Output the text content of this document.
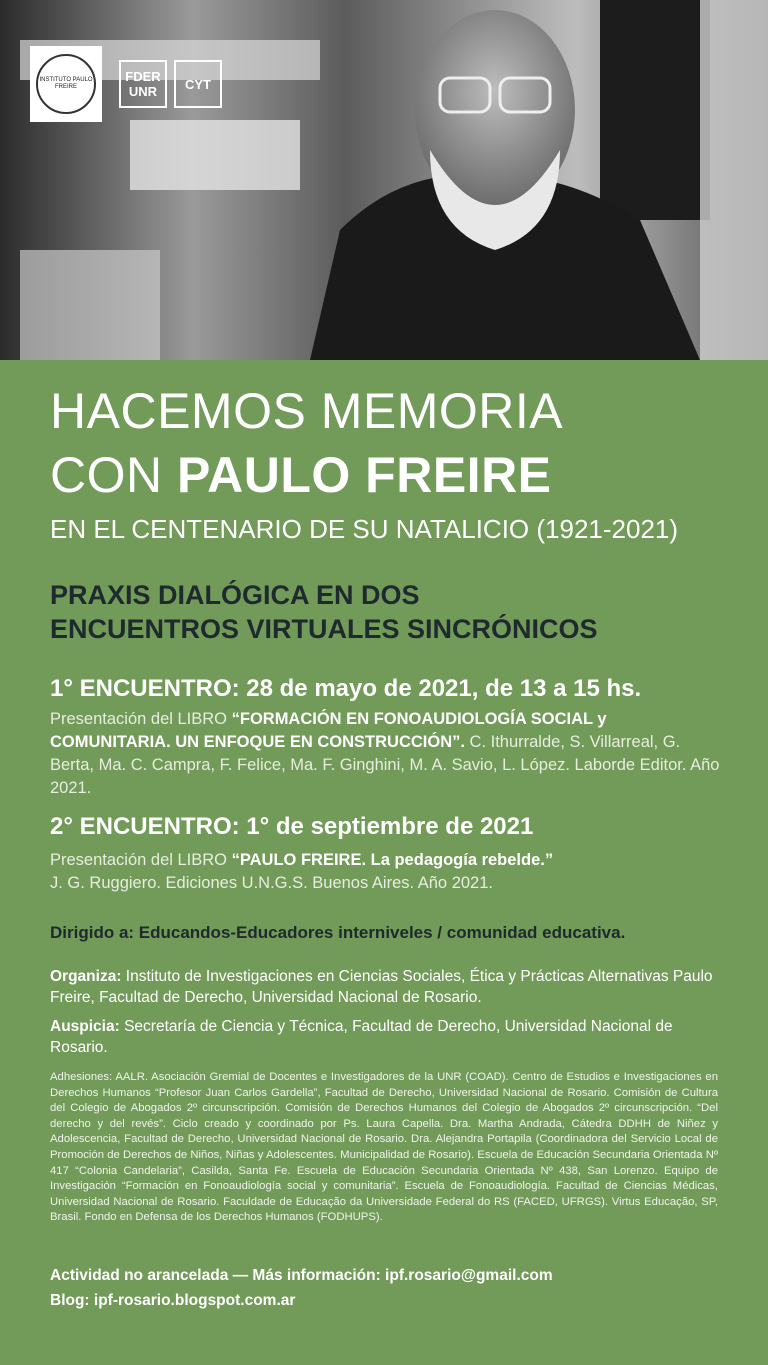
INSTITUTO PAULO FREIRE
FDER UNR	CYT
HACEMOS MEMORIA
CON PAULO FREIRE
EN EL CENTENARIO DE SU NATALICIO (1921-2021)
PRAXIS DIALÓGICA EN DOS
ENCUENTROS VIRTUALES SINCRÓNICOS
1° ENCUENTRO: 28 de mayo de 2021, de 13 a 15 hs.
Presentación del LIBRO “FORMACIÓN EN FONOAUDIOLOGÍA SOCIAL y COMUNITARIA. UN ENFOQUE EN CONSTRUCCIÓN”. C. Ithurralde, S. Villarreal, G. Berta, Ma. C. Campra, F. Felice, Ma. F. Ginghini, M. A. Savio, L. López. Laborde Editor. Año 2021.
2° ENCUENTRO: 1° de septiembre de 2021
Presentación del LIBRO “PAULO FREIRE. La pedagogía rebelde.”
J. G. Ruggiero. Ediciones U.N.G.S. Buenos Aires. Año 2021.
Dirigido a: Educandos-Educadores interniveles / comunidad educativa.
Organiza: Instituto de Investigaciones en Ciencias Sociales, Ética y Prácticas Alternativas Paulo Freire, Facultad de Derecho, Universidad Nacional de Rosario.
Auspicia: Secretaría de Ciencia y Técnica, Facultad de Derecho, Universidad Nacional de Rosario.
Adhesiones: AALR. Asociación Gremial de Docentes e Investigadores de la UNR (COAD). Centro de Estudios e Investigaciones en Derechos Humanos “Profesor Juan Carlos Gardella”, Facultad de Derecho, Universidad Nacional de Rosario. Comisión de Cultura del Colegio de Abogados 2º circunscripción. Comisión de Derechos Humanos del Colegio de Abogados 2º circunscripción. “Del derecho y del revés”. Ciclo creado y coordinado por Ps. Laura Capella. Dra. Martha Andrada, Cátedra DDHH de Niñez y Adolescencia, Facultad de Derecho, Universidad Nacional de Rosario. Dra. Alejandra Portapila (Coordinadora del Servicio Local de Promoción de Derechos de Niños, Niñas y Adolescentes. Municipalidad de Rosario). Escuela de Educación Secundaria Orientada Nº 417 “Colonia Candelaria”, Casilda, Santa Fe. Escuela de Educación Secundaria Orientada Nº 438, San Lorenzo. Equipo de Investigación “Formación en Fonoaudiología social y comunitaria”. Escuela de Fonoaudiología. Facultad de Ciencias Médicas, Universidad Nacional de Rosario. Faculdade de Educação da Universidade Federal do RS (FACED, UFRGS). Virtus Educação, SP, Brasil. Fondo en Defensa de los Derechos Humanos (FODHUPS).
Actividad no arancelada — Más información: ipf.rosario@gmail.com
Blog: ipf-rosario.blogspot.com.ar
